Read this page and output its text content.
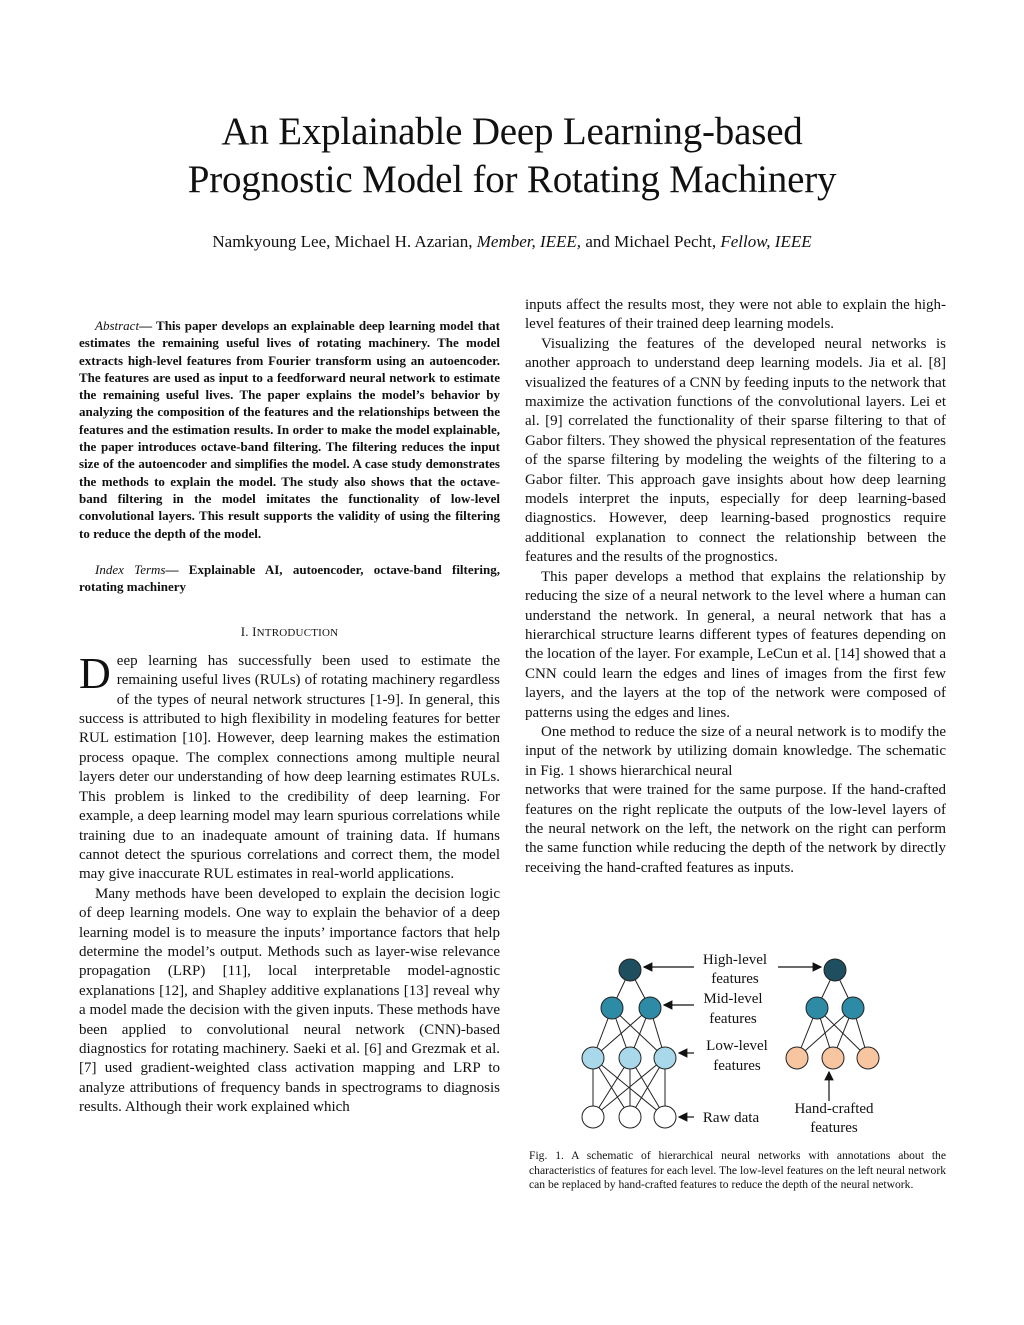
An Explainable Deep Learning-based
Prognostic Model for Rotating Machinery
Namkyoung Lee, Michael H. Azarian, Member, IEEE, and Michael Pecht, Fellow, IEEE

Abstract— This paper develops an explainable deep learning model that estimates the remaining useful lives of rotating machinery. The model extracts high-level features from Fourier transform using an autoencoder. The features are used as input to a feedforward neural network to estimate the remaining useful lives. The paper explains the model’s behavior by analyzing the composition of the features and the relationships between the features and the estimation results. In order to make the model explainable, the paper introduces octave-band filtering. The filtering reduces the input size of the autoencoder and simplifies the model. A case study demonstrates the methods to explain the model. The study also shows that the octave-band filtering in the model imitates the functionality of low-level convolutional layers. This result supports the validity of using the filtering to reduce the depth of the model.

Index Terms— Explainable AI, autoencoder, octave-band filtering, rotating machinery

I. INTRODUCTION

Deep learning has successfully been used to estimate the remaining useful lives (RULs) of rotating machinery regardless of the types of neural network structures [1-9]. In general, this success is attributed to high flexibility in modeling features for better RUL estimation [10]. However, deep learning makes the estimation process opaque. The complex connections among multiple neural layers deter our understanding of how deep learning estimates RULs. This problem is linked to the credibility of deep learning. For example, a deep learning model may learn spurious correlations while training due to an inadequate amount of training data. If humans cannot detect the spurious correlations and correct them, the model may give inaccurate RUL estimates in real-world applications.

Many methods have been developed to explain the decision logic of deep learning models. One way to explain the behavior of a deep learning model is to measure the inputs’ importance factors that help determine the model’s output. Methods such as layer-wise relevance propagation (LRP) [11], local interpretable model-agnostic explanations [12], and Shapley additive explanations [13] reveal why a model made the decision with the given inputs. These methods have been applied to convolutional neural network (CNN)-based diagnostics for rotating machinery. Saeki et al. [6] and Grezmak et al. [7] used gradient-weighted class activation mapping and LRP to analyze attributions of frequency bands in spectrograms to diagnosis results. Although their work explained which

inputs affect the results most, they were not able to explain the high-level features of their trained deep learning models.

Visualizing the features of the developed neural networks is another approach to understand deep learning models. Jia et al. [8] visualized the features of a CNN by feeding inputs to the network that maximize the activation functions of the convolutional layers. Lei et al. [9] correlated the functionality of their sparse filtering to that of Gabor filters. They showed the physical representation of the features of the sparse filtering by modeling the weights of the filtering to a Gabor filter. This approach gave insights about how deep learning models interpret the inputs, especially for deep learning-based diagnostics. However, deep learning-based prognostics require additional explanation to connect the relationship between the features and the results of the prognostics.

This paper develops a method that explains the relationship by reducing the size of a neural network to the level where a human can understand the network. In general, a neural network that has a hierarchical structure learns different types of features depending on the location of the layer. For example, LeCun et al. [14] showed that a CNN could learn the edges and lines of images from the first few layers, and the layers at the top of the network were composed of patterns using the edges and lines.

One method to reduce the size of a neural network is to modify the input of the network by utilizing domain knowledge. The schematic in Fig. 1 shows hierarchical neural

networks that were trained for the same purpose. If the hand-crafted features on the right replicate the outputs of the low-level layers of the neural network on the left, the network on the right can perform the same function while reducing the depth of the network by directly receiving the hand-crafted features as inputs.

High-level
features
Mid-level
features
Low-level
features
Raw data
Hand-crafted
features
Fig. 1. A schematic of hierarchical neural networks with annotations about the characteristics of features for each level. The low-level features on the left neural network can be replaced by hand-crafted features to reduce the depth of the neural network.
